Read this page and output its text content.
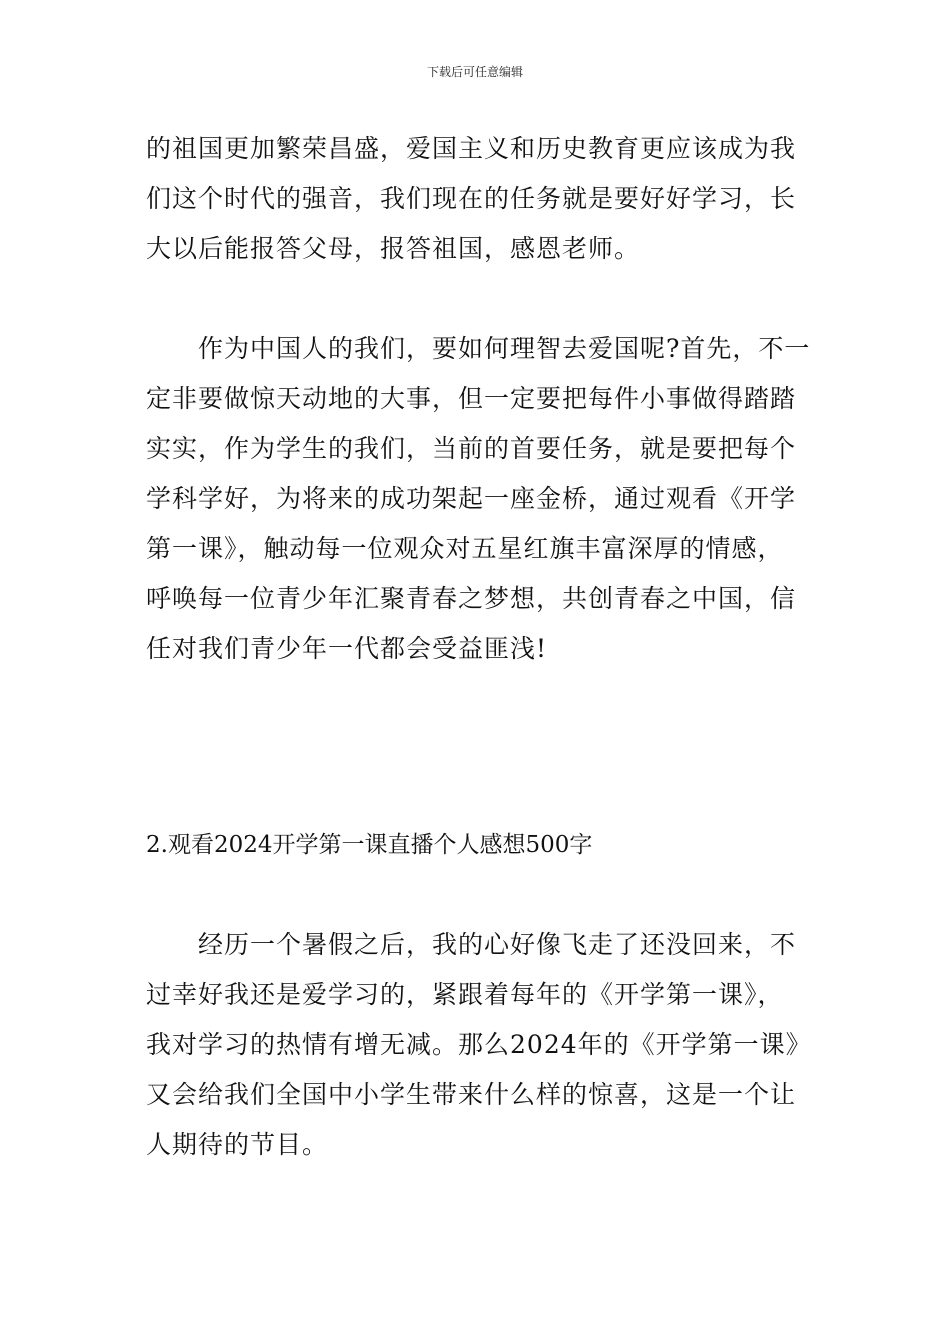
下载后可任意编辑
的祖国更加繁荣昌盛，爱国主义和历史教育更应该成为我
们这个时代的强音，我们现在的任务就是要好好学习，长
大以后能报答父母，报答祖国，感恩老师。
作为中国人的我们，要如何理智去爱国呢?首先，不一
定非要做惊天动地的大事，但一定要把每件小事做得踏踏
实实，作为学生的我们，当前的首要任务，就是要把每个
学科学好，为将来的成功架起一座金桥，通过观看《开学
第一课》，触动每一位观众对五星红旗丰富深厚的情感，
呼唤每一位青少年汇聚青春之梦想，共创青春之中国，信
任对我们青少年一代都会受益匪浅!
2.观看2024开学第一课直播个人感想500字
经历一个暑假之后，我的心好像飞走了还没回来，不
过幸好我还是爱学习的，紧跟着每年的《开学第一课》，
我对学习的热情有增无减。那么2024年的《开学第一课》
又会给我们全国中小学生带来什么样的惊喜，这是一个让
人期待的节目。
